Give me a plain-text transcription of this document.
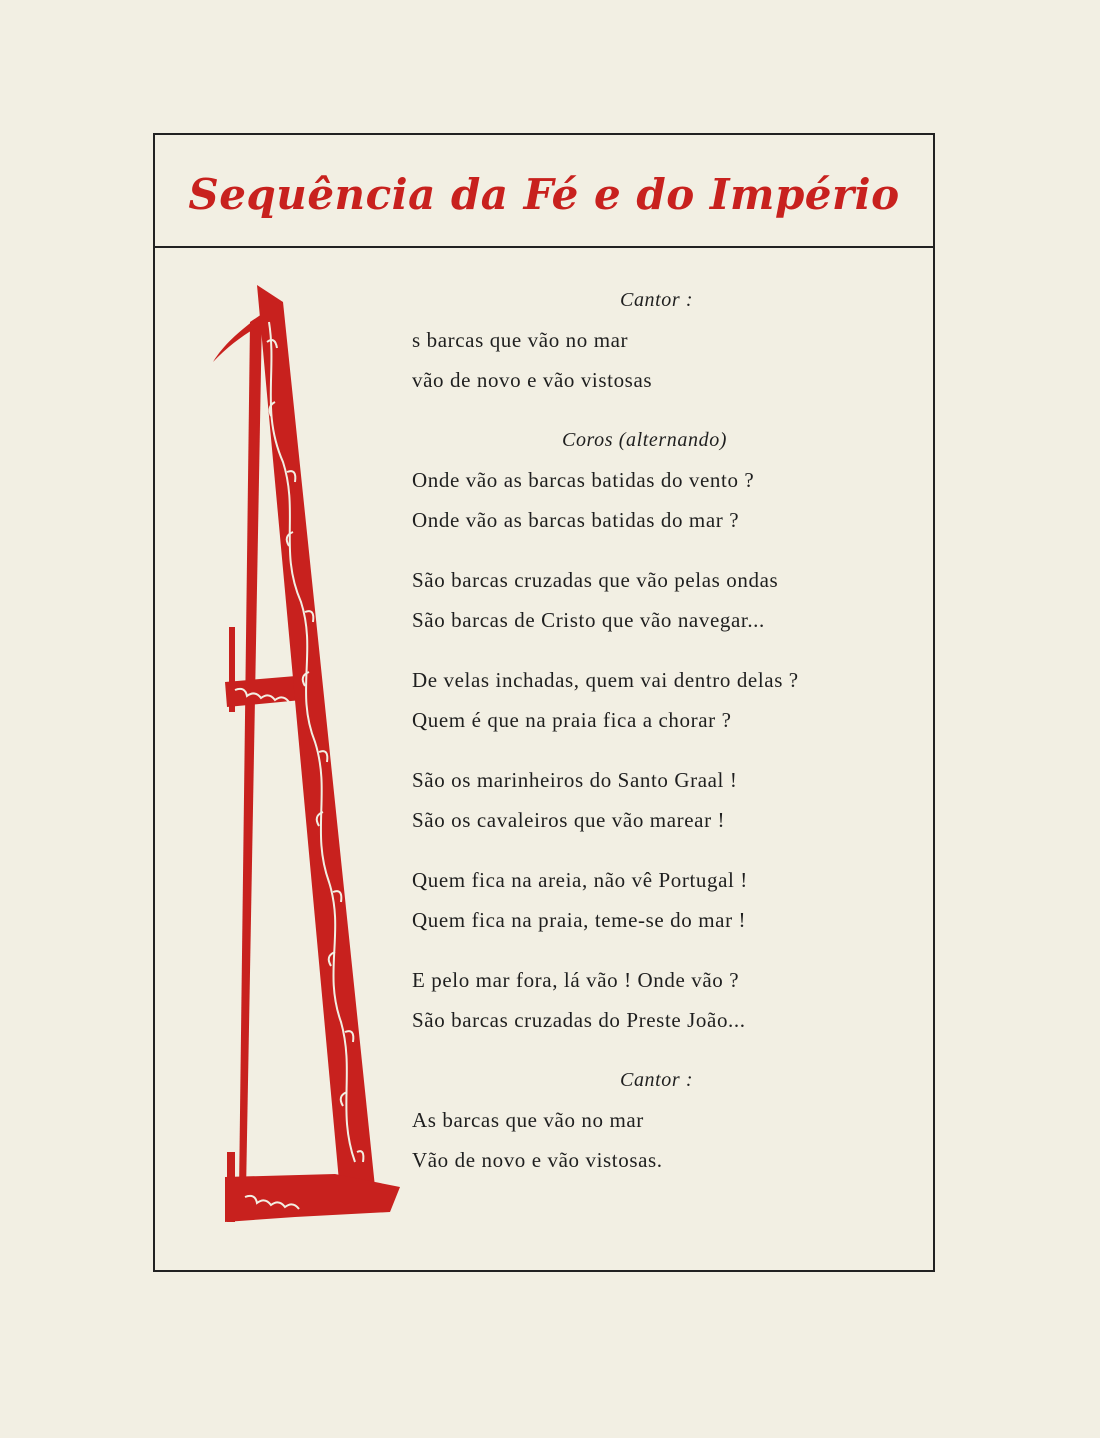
Sequência da Fé e do Império
Cantor :
s barcas que vão no mar
vão de novo e vão vistosas
Coros (alternando)
Onde vão as barcas batidas do vento ?
Onde vão as barcas batidas do mar ?
São barcas cruzadas que vão pelas ondas
São barcas de Cristo que vão navegar...
De velas inchadas, quem vai dentro delas ?
Quem é que na praia fica a chorar ?
São os marinheiros do Santo Graal !
São os cavaleiros que vão marear !
Quem fica na areia, não vê Portugal !
Quem fica na praia, teme-se do mar !
E pelo mar fora, lá vão ! Onde vão ?
São barcas cruzadas do Preste João...
Cantor :
As barcas que vão no mar
Vão de novo e vão vistosas.
